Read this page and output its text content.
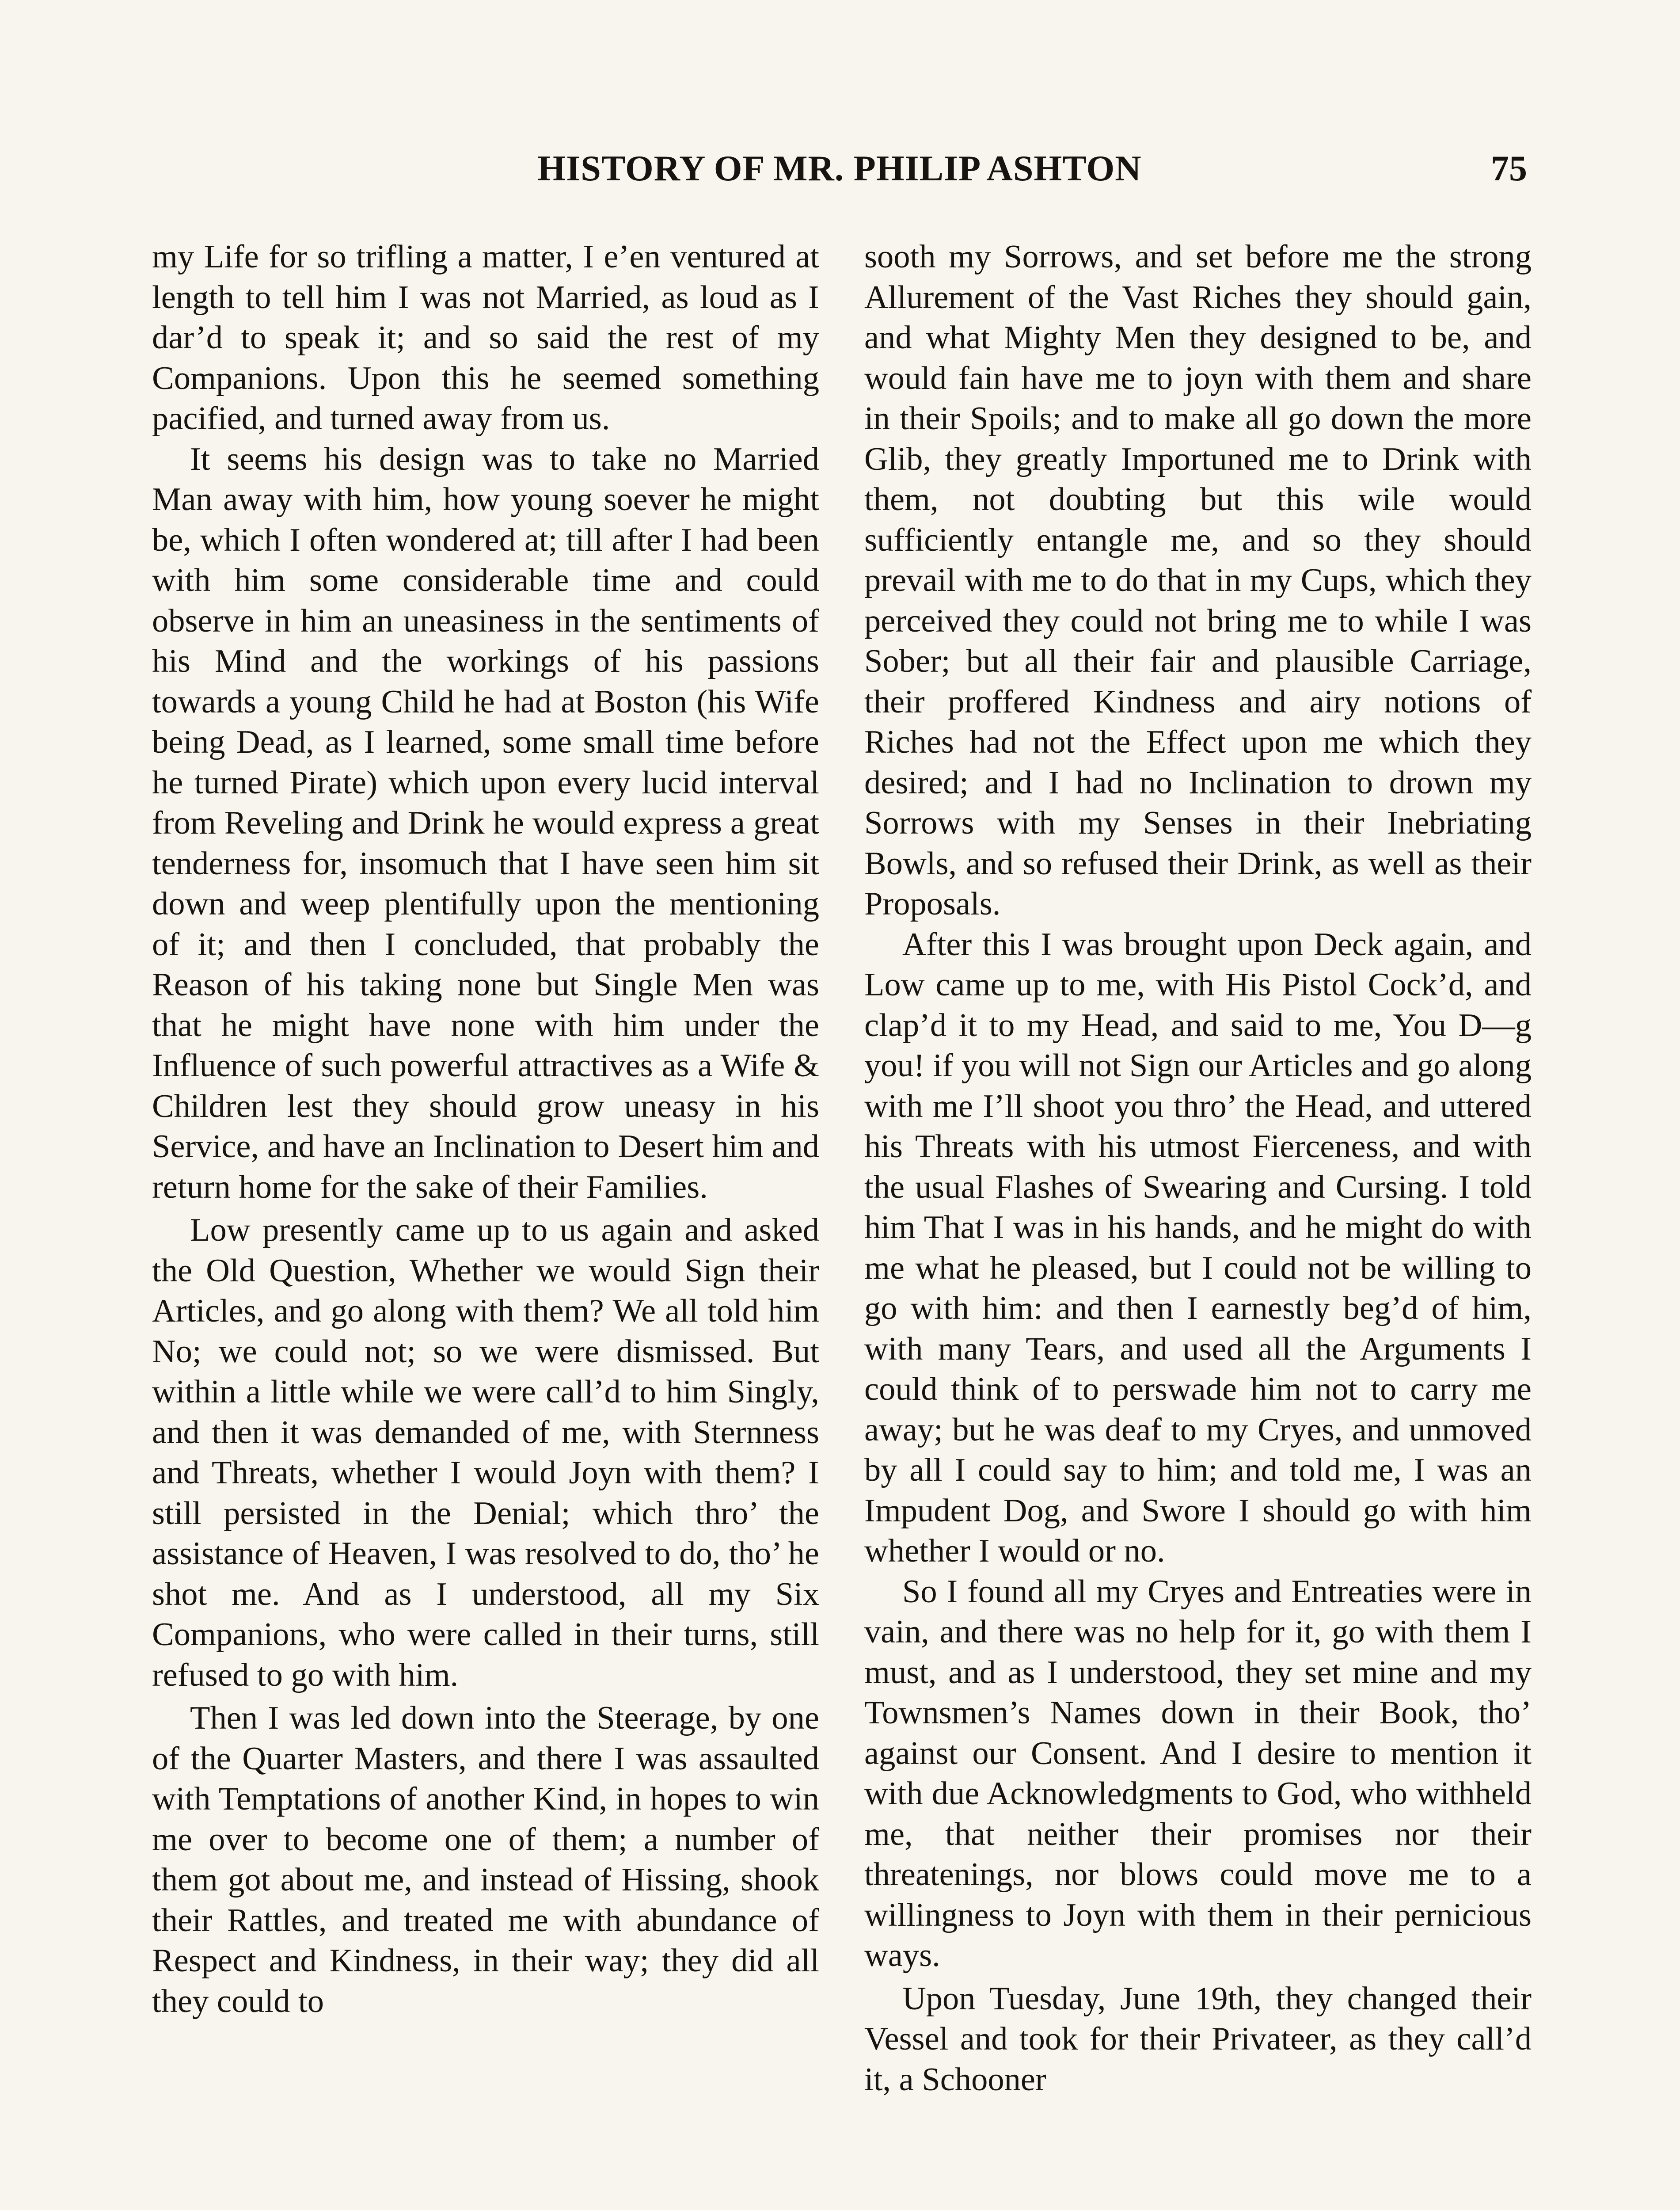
HISTORY OF MR. PHILIP ASHTON	75

my Life for so trifling a matter, I e’en ventured at length to tell him I was not Married, as loud as I dar’d to speak it; and so said the rest of my Companions. Upon this he seemed something pacified, and turned away from us.

It seems his design was to take no Married Man away with him, how young soever he might be, which I often wondered at; till after I had been with him some considerable time and could observe in him an uneasiness in the sentiments of his Mind and the workings of his passions towards a young Child he had at Boston (his Wife being Dead, as I learned, some small time before he turned Pirate) which upon every lucid interval from Reveling and Drink he would express a great tenderness for, insomuch that I have seen him sit down and weep plentifully upon the mentioning of it; and then I concluded, that probably the Reason of his taking none but Single Men was that he might have none with him under the Influence of such powerful attractives as a Wife & Children lest they should grow uneasy in his Service, and have an Inclination to Desert him and return home for the sake of their Families.

Low presently came up to us again and asked the Old Question, Whether we would Sign their Articles, and go along with them? We all told him No; we could not; so we were dismissed. But within a little while we were call’d to him Singly, and then it was demanded of me, with Sternness and Threats, whether I would Joyn with them? I still persisted in the Denial; which thro’ the assistance of Heaven, I was resolved to do, tho’ he shot me. And as I understood, all my Six Companions, who were called in their turns, still refused to go with him.

Then I was led down into the Steerage, by one of the Quarter Masters, and there I was assaulted with Temptations of another Kind, in hopes to win me over to become one of them; a number of them got about me, and instead of Hissing, shook their Rattles, and treated me with abundance of Respect and Kindness, in their way; they did all they could to

sooth my Sorrows, and set before me the strong Allurement of the Vast Riches they should gain, and what Mighty Men they designed to be, and would fain have me to joyn with them and share in their Spoils; and to make all go down the more Glib, they greatly Importuned me to Drink with them, not doubting but this wile would sufficiently entangle me, and so they should prevail with me to do that in my Cups, which they perceived they could not bring me to while I was Sober; but all their fair and plausible Carriage, their proffered Kindness and airy notions of Riches had not the Effect upon me which they desired; and I had no Inclination to drown my Sorrows with my Senses in their Inebriating Bowls, and so refused their Drink, as well as their Proposals.

After this I was brought upon Deck again, and Low came up to me, with His Pistol Cock’d, and clap’d it to my Head, and said to me, You D—g you! if you will not Sign our Articles and go along with me I’ll shoot you thro’ the Head, and uttered his Threats with his utmost Fierceness, and with the usual Flashes of Swearing and Cursing. I told him That I was in his hands, and he might do with me what he pleased, but I could not be willing to go with him: and then I earnestly beg’d of him, with many Tears, and used all the Arguments I could think of to perswade him not to carry me away; but he was deaf to my Cryes, and unmoved by all I could say to him; and told me, I was an Impudent Dog, and Swore I should go with him whether I would or no.

So I found all my Cryes and Entreaties were in vain, and there was no help for it, go with them I must, and as I understood, they set mine and my Townsmen’s Names down in their Book, tho’ against our Consent. And I desire to mention it with due Acknowledgments to God, who withheld me, that neither their promises nor their threatenings, nor blows could move me to a willingness to Joyn with them in their pernicious ways.

Upon Tuesday, June 19th, they changed their Vessel and took for their Privateer, as they call’d it, a Schooner
